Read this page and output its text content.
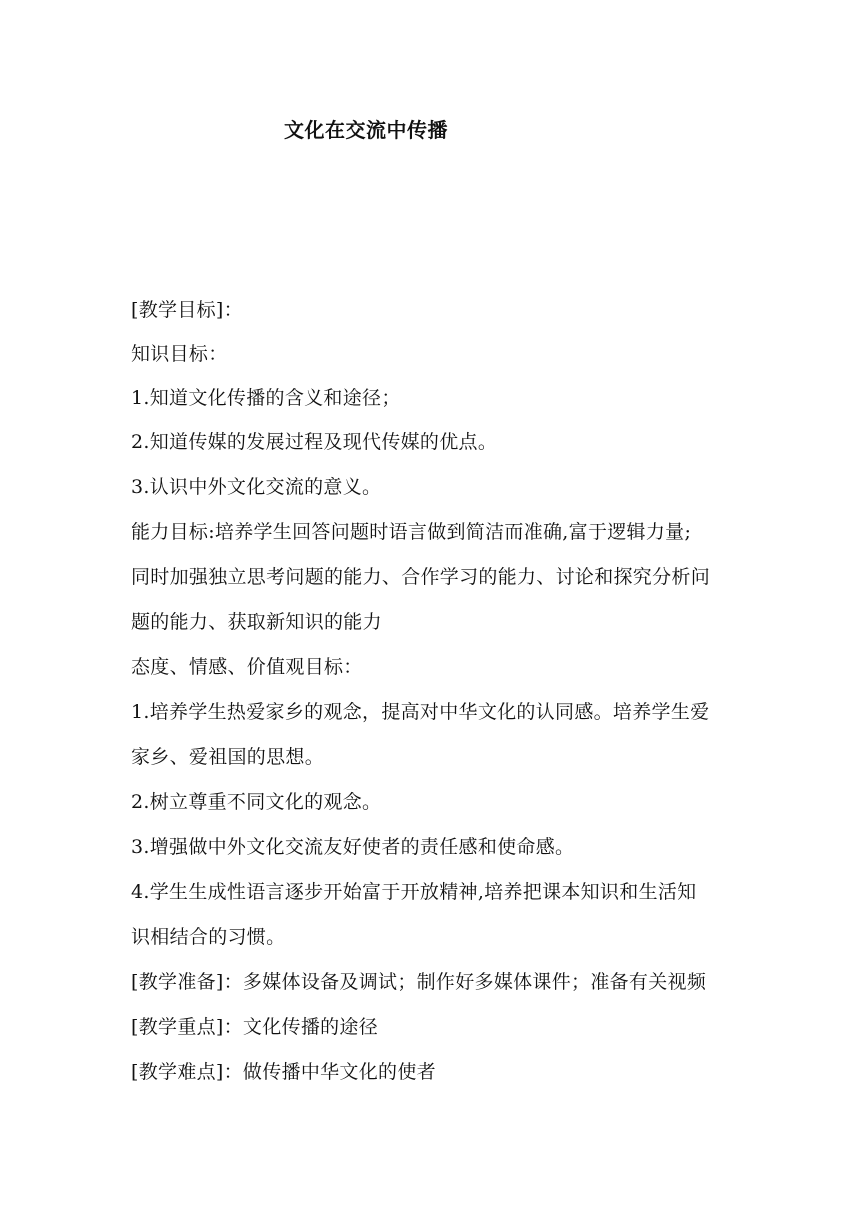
文化在交流中传播
[教学目标]：
知识目标：
1.知道文化传播的含义和途径；
2.知道传媒的发展过程及现代传媒的优点。
3.认识中外文化交流的意义。
能力目标:培养学生回答问题时语言做到简洁而准确,富于逻辑力量;
同时加强独立思考问题的能力、合作学习的能力、讨论和探究分析问
题的能力、获取新知识的能力
态度、情感、价值观目标：
1.培养学生热爱家乡的观念，提高对中华文化的认同感。培养学生爱
家乡、爱祖国的思想。
2.树立尊重不同文化的观念。
3.增强做中外文化交流友好使者的责任感和使命感。
4.学生生成性语言逐步开始富于开放精神,培养把课本知识和生活知
识相结合的习惯。
[教学准备]：多媒体设备及调试；制作好多媒体课件；准备有关视频
[教学重点]：文化传播的途径
[教学难点]：做传播中华文化的使者
